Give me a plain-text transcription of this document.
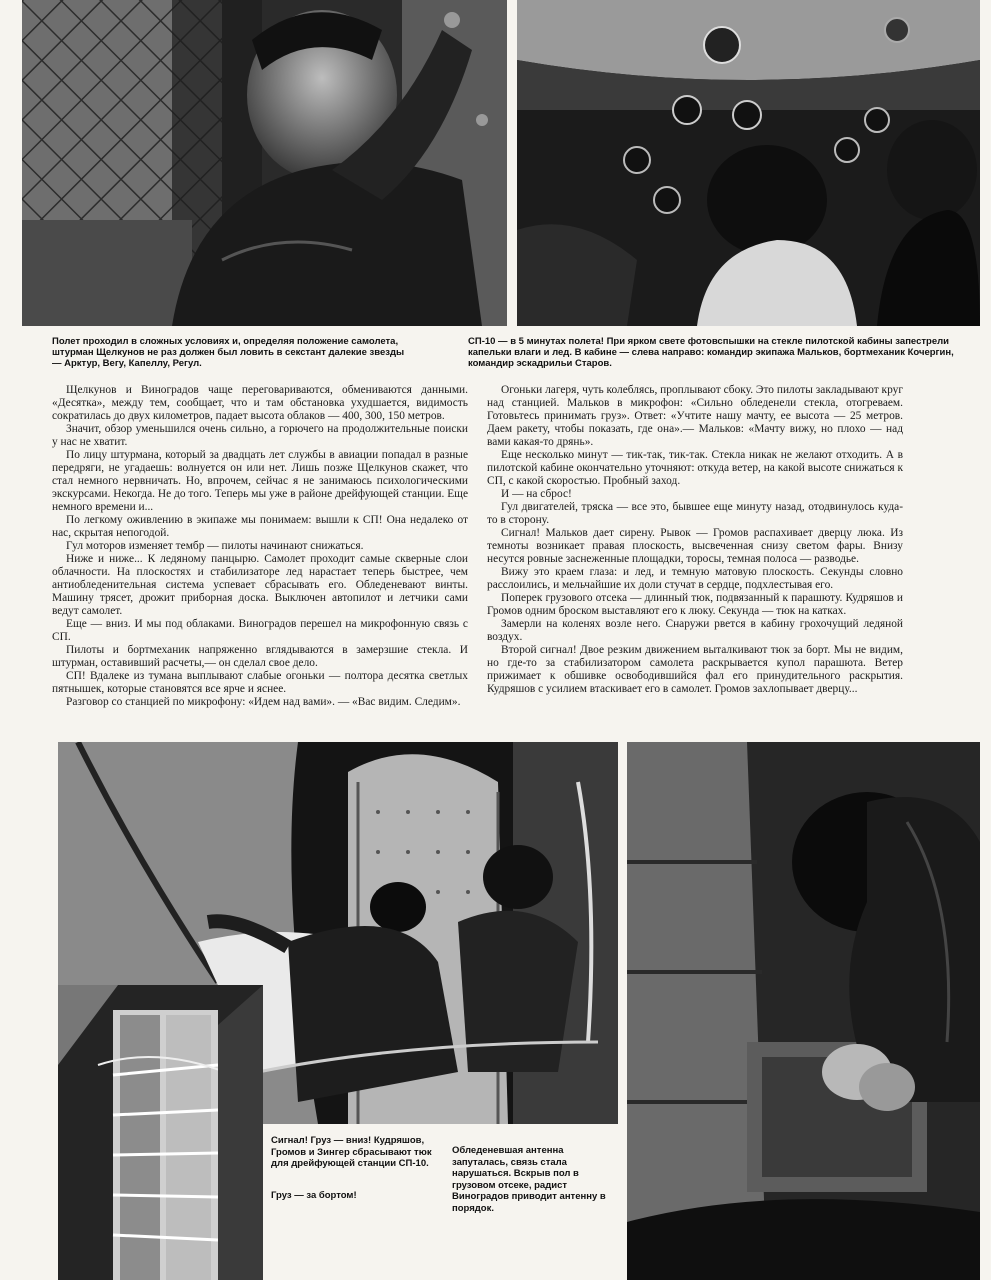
Полет проходил в сложных условиях и, определяя положение самолета, штурман Щелкунов не раз должен был ловить в секстант далекие звезды — Арктур, Вегу, Капеллу, Регул.
СП-10 — в 5 минутах полета! При ярком свете фотовспышки на стекле пилотской кабины запестрели капельки влаги и лед. В кабине — слева направо: командир экипажа Мальков, бортмеханик Кочергин, командир эскадрильи Старов.

Щелкунов и Виноградов чаще переговариваются, обмениваются данными. «Десятка», между тем, сообщает, что и там обстановка ухудшается, видимость сократилась до двух километров, падает высота облаков — 400, 300, 150 метров.

Значит, обзор уменьшился очень сильно, а горючего на продолжительные поиски у нас не хватит.

По лицу штурмана, который за двадцать лет службы в авиации попадал в разные передряги, не угадаешь: волнуется он или нет. Лишь позже Щелкунов скажет, что стал немного нервничать. Но, впрочем, сейчас я не занимаюсь психологическими экскурсами. Некогда. Не до того. Теперь мы уже в районе дрейфующей станции. Еще немного времени и...

По легкому оживлению в экипаже мы понимаем: вышли к СП! Она недалеко от нас, скрытая непогодой.

Гул моторов изменяет тембр — пилоты начинают снижаться.

Ниже и ниже... К ледяному панцырю. Самолет проходит самые скверные слои облачности. На плоскостях и стабилизаторе лед нарастает теперь быстрее, чем антиобледенительная система успевает сбрасывать его. Обледеневают винты. Машину трясет, дрожит приборная доска. Выключен автопилот и летчики сами ведут самолет.

Еще — вниз. И мы под облаками. Виноградов перешел на микрофонную связь с СП.

Пилоты и бортмеханик напряженно вглядываются в замерзшие стекла. И штурман, оставивший расчеты,— он сделал свое дело.

СП! Вдалеке из тумана выплывают слабые огоньки — полтора десятка светлых пятнышек, которые становятся все ярче и яснее.

Разговор со станцией по микрофону: «Идем над вами». — «Вас видим. Следим».

Огоньки лагеря, чуть колеблясь, проплывают сбоку. Это пилоты закладывают круг над станцией. Мальков в микрофон: «Сильно обледенели стекла, отогреваем. Готовьтесь принимать груз». Ответ: «Учтите нашу мачту, ее высота — 25 метров. Даем ракету, чтобы показать, где она».— Мальков: «Мачту вижу, но плохо — над вами какая-то дрянь».

Еще несколько минут — тик-так, тик-так. Стекла никак не желают отходить. А в пилотской кабине окончательно уточняют: откуда ветер, на какой высоте снижаться к СП, с какой скоростью. Пробный заход.

И — на сброс!

Гул двигателей, тряска — все это, бывшее еще минуту назад, отодвинулось куда-то в сторону.

Сигнал! Мальков дает сирену. Рывок — Громов распахивает дверцу люка. Из темноты возникает правая плоскость, высвеченная снизу светом фары. Внизу несутся ровные заснеженные площадки, торосы, темная полоса — разводье.

Вижу это краем глаза: и лед, и темную матовую плоскость. Секунды словно расслоились, и мельчайшие их доли стучат в сердце, подхлестывая его.

Поперек грузового отсека — длинный тюк, подвязанный к парашюту. Кудряшов и Громов одним броском выставляют его к люку. Секунда — тюк на катках.

Замерли на коленях возле него. Снаружи рвется в кабину грохочущий ледяной воздух.

Второй сигнал! Двое резким движением выталкивают тюк за борт. Мы не видим, но где-то за стабилизатором самолета раскрывается купол парашюта. Ветер прижимает к обшивке освободившийся фал его принудительного раскрытия. Кудряшов с усилием втаскивает его в самолет. Громов захлопывает дверцу...

Сигнал! Груз — вниз! Кудряшов, Громов и Зингер сбрасывают тюк для дрейфующей станции СП-10.
Груз — за бортом!
Обледеневшая антенна запуталась, связь стала нарушаться. Вскрыв пол в грузовом отсеке, радист Виноградов приводит антенну в порядок.
